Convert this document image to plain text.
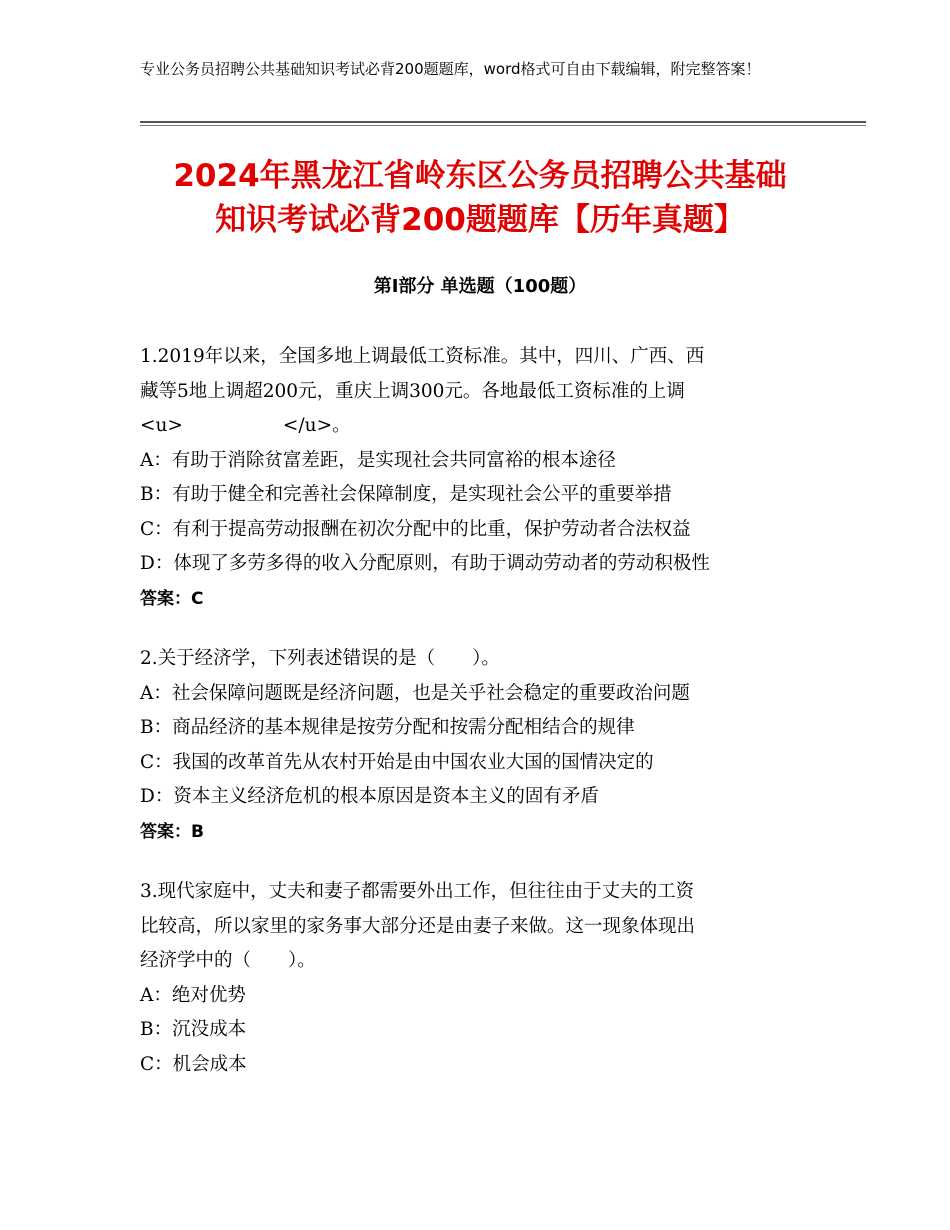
专业公务员招聘公共基础知识考试必背200题题库，word格式可自由下载编辑，附完整答案！
2024年黑龙江省岭东区公务员招聘公共基础
知识考试必背200题题库【历年真题】
第Ⅰ部分 单选题（100题）

1.2019年以来，全国多地上调最低工资标准。其中，四川、广西、西

藏等5地上调超200元，重庆上调300元。各地最低工资标准的上调

<u>	</u>。

A：有助于消除贫富差距，是实现社会共同富裕的根本途径

B：有助于健全和完善社会保障制度，是实现社会公平的重要举措

C：有利于提高劳动报酬在初次分配中的比重，保护劳动者合法权益

D：体现了多劳多得的收入分配原则，有助于调动劳动者的劳动积极性

答案：C

2.关于经济学，下列表述错误的是（　　）。

A：社会保障问题既是经济问题，也是关乎社会稳定的重要政治问题

B：商品经济的基本规律是按劳分配和按需分配相结合的规律

C：我国的改革首先从农村开始是由中国农业大国的国情决定的

D：资本主义经济危机的根本原因是资本主义的固有矛盾

答案：B

3.现代家庭中，丈夫和妻子都需要外出工作，但往往由于丈夫的工资

比较高，所以家里的家务事大部分还是由妻子来做。这一现象体现出

经济学中的（　　）。

A：绝对优势

B：沉没成本

C：机会成本
